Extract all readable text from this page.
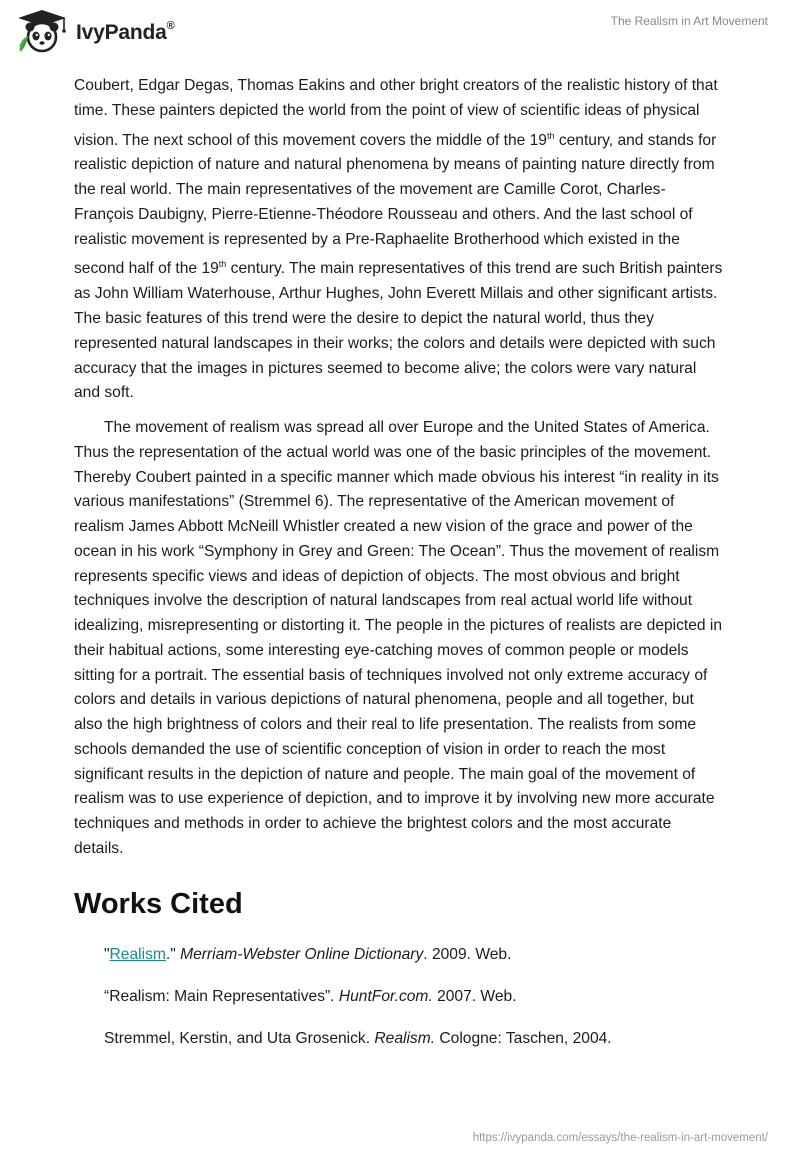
IvyPanda®	The Realism in Art Movement

Coubert, Edgar Degas, Thomas Eakins and other bright creators of the realistic history of that time. These painters depicted the world from the point of view of scientific ideas of physical vision. The next school of this movement covers the middle of the 19th century, and stands for realistic depiction of nature and natural phenomena by means of painting nature directly from the real world. The main representatives of the movement are Camille Corot, Charles-François Daubigny, Pierre-Etienne-Théodore Rousseau and others. And the last school of realistic movement is represented by a Pre-Raphaelite Brotherhood which existed in the second half of the 19th century. The main representatives of this trend are such British painters as John William Waterhouse, Arthur Hughes, John Everett Millais and other significant artists. The basic features of this trend were the desire to depict the natural world, thus they represented natural landscapes in their works; the colors and details were depicted with such accuracy that the images in pictures seemed to become alive; the colors were vary natural and soft.

The movement of realism was spread all over Europe and the United States of America. Thus the representation of the actual world was one of the basic principles of the movement. Thereby Coubert painted in a specific manner which made obvious his interest “in reality in its various manifestations” (Stremmel 6). The representative of the American movement of realism James Abbott McNeill Whistler created a new vision of the grace and power of the ocean in his work “Symphony in Grey and Green: The Ocean”. Thus the movement of realism represents specific views and ideas of depiction of objects. The most obvious and bright techniques involve the description of natural landscapes from real actual world life without idealizing, misrepresenting or distorting it. The people in the pictures of realists are depicted in their habitual actions, some interesting eye-catching moves of common people or models sitting for a portrait. The essential basis of techniques involved not only extreme accuracy of colors and details in various depictions of natural phenomena, people and all together, but also the high brightness of colors and their real to life presentation. The realists from some schools demanded the use of scientific conception of vision in order to reach the most significant results in the depiction of nature and people. The main goal of the movement of realism was to use experience of depiction, and to improve it by involving new more accurate techniques and methods in order to achieve the brightest colors and the most accurate details.

Works Cited
"Realism." Merriam-Webster Online Dictionary. 2009. Web.
“Realism: Main Representatives”. HuntFor.com. 2007. Web.
Stremmel, Kerstin, and Uta Grosenick. Realism. Cologne: Taschen, 2004.
https://ivypanda.com/essays/the-realism-in-art-movement/
